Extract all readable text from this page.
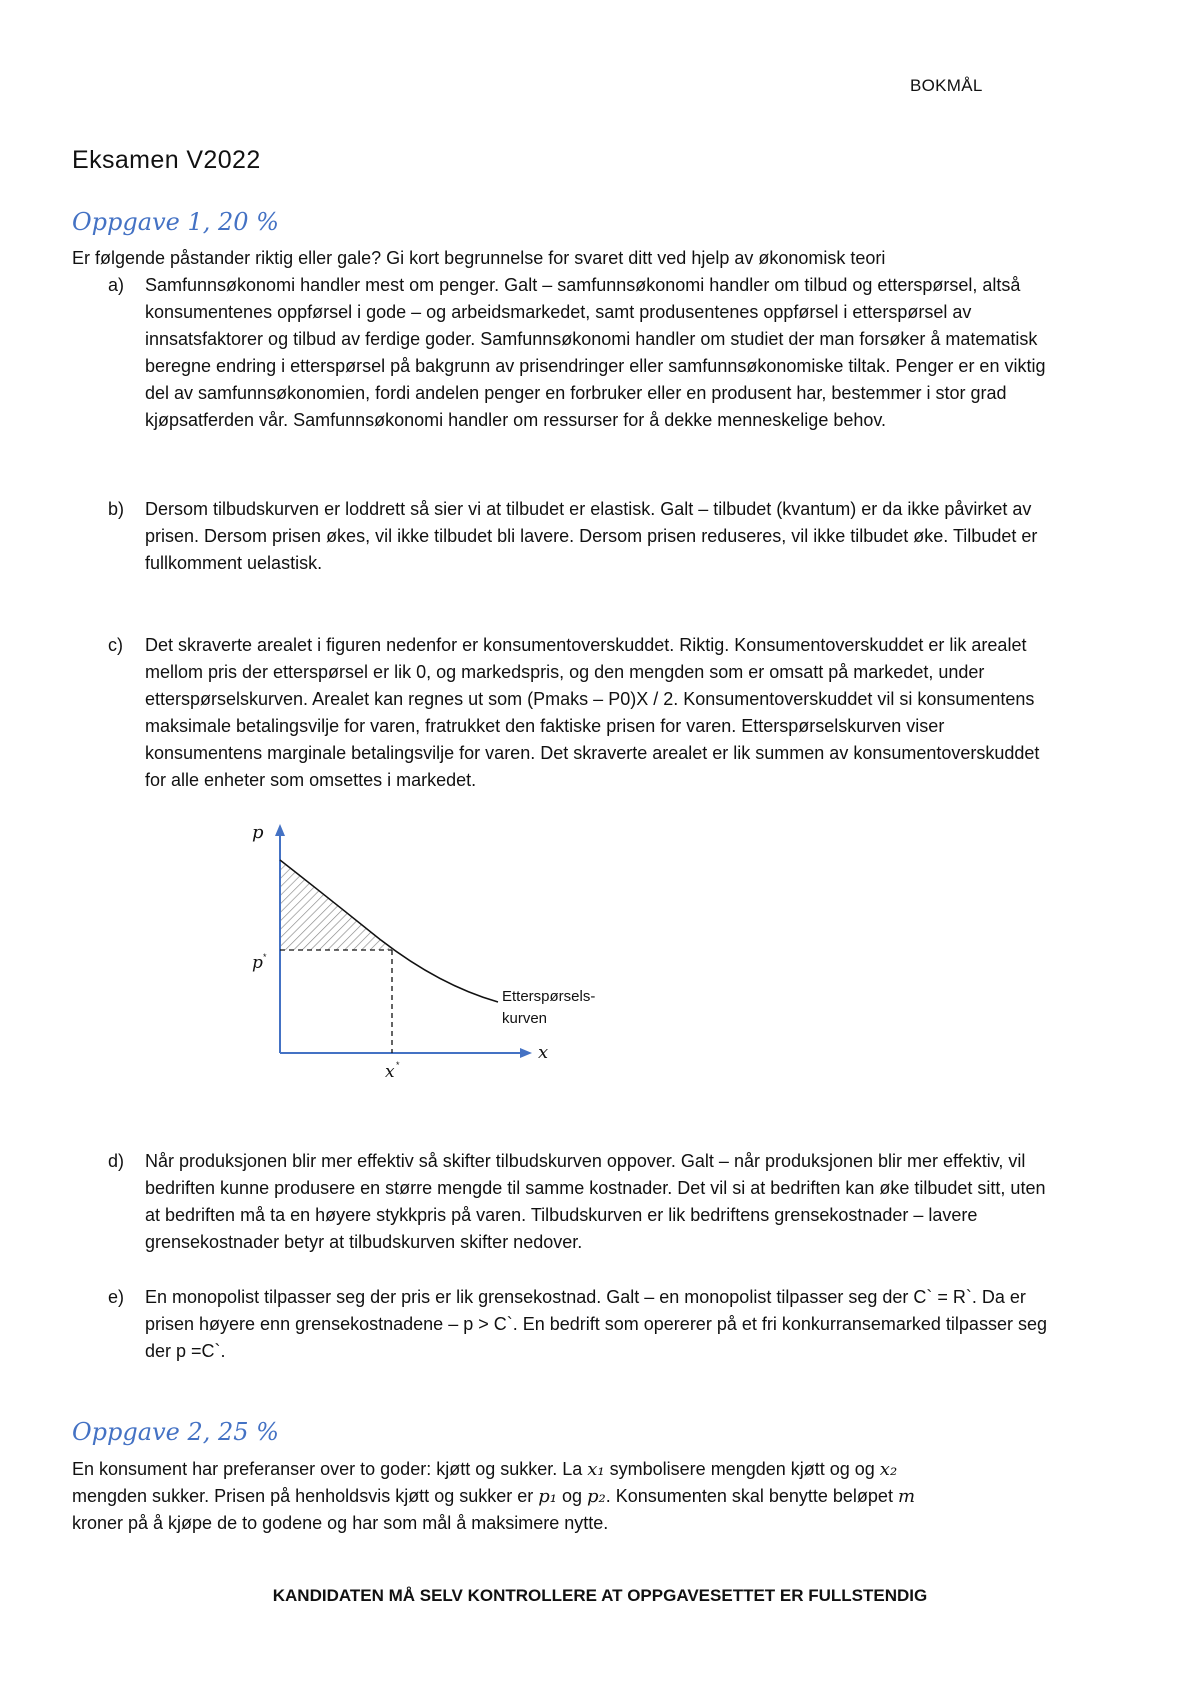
BOKMÅL
Eksamen V2022
Oppgave 1, 20 %
Er følgende påstander riktig eller gale? Gi kort begrunnelse for svaret ditt ved hjelp av økonomisk teori
a) Samfunnsøkonomi handler mest om penger. Galt – samfunnsøkonomi handler om tilbud og etterspørsel, altså konsumentenes oppførsel i gode – og arbeidsmarkedet, samt produsentenes oppførsel i etterspørsel av innsatsfaktorer og tilbud av ferdige goder. Samfunnsøkonomi handler om studiet der man forsøker å matematisk beregne endring i etterspørsel på bakgrunn av prisendringer eller samfunnsøkonomiske tiltak. Penger er en viktig del av samfunnsøkonomien, fordi andelen penger en forbruker eller en produsent har, bestemmer i stor grad kjøpsatferden vår. Samfunnsøkonomi handler om ressurser for å dekke menneskelige behov.
b) Dersom tilbudskurven er loddrett så sier vi at tilbudet er elastisk. Galt – tilbudet (kvantum) er da ikke påvirket av prisen. Dersom prisen økes, vil ikke tilbudet bli lavere. Dersom prisen reduseres, vil ikke tilbudet øke. Tilbudet er fullkomment uelastisk.
c) Det skraverte arealet i figuren nedenfor er konsumentoverskuddet. Riktig. Konsumentoverskuddet er lik arealet mellom pris der etterspørsel er lik 0, og markedspris, og den mengden som er omsatt på markedet, under etterspørselskurven. Arealet kan regnes ut som (Pmaks – P0)X / 2. Konsumentoverskuddet vil si konsumentens maksimale betalingsvilje for varen, fratrukket den faktiske prisen for varen. Etterspørselskurven viser konsumentens marginale betalingsvilje for varen. Det skraverte arealet er lik summen av konsumentoverskuddet for alle enheter som omsettes i markedet.
p
x
p *
x *
Etterspørsels-
kurven
d) Når produksjonen blir mer effektiv så skifter tilbudskurven oppover. Galt – når produksjonen blir mer effektiv, vil bedriften kunne produsere en større mengde til samme kostnader. Det vil si at bedriften kan øke tilbudet sitt, uten at bedriften må ta en høyere stykkpris på varen. Tilbudskurven er lik bedriftens grensekostnader – lavere grensekostnader betyr at tilbudskurven skifter nedover.
e) En monopolist tilpasser seg der pris er lik grensekostnad. Galt – en monopolist tilpasser seg der C` = R`. Da er prisen høyere enn grensekostnadene – p > C`. En bedrift som opererer på et fri konkurransemarked tilpasser seg der p =C`.
Oppgave 2, 25 %
En konsument har preferanser over to goder: kjøtt og sukker. La x₁ symbolisere mengden kjøtt og og x₂
mengden sukker. Prisen på henholdsvis kjøtt og sukker er p₁ og p₂. Konsumenten skal benytte beløpet m
kroner på å kjøpe de to godene og har som mål å maksimere nytte.
KANDIDATEN MÅ SELV KONTROLLERE AT OPPGAVESETTET ER FULLSTENDIG
